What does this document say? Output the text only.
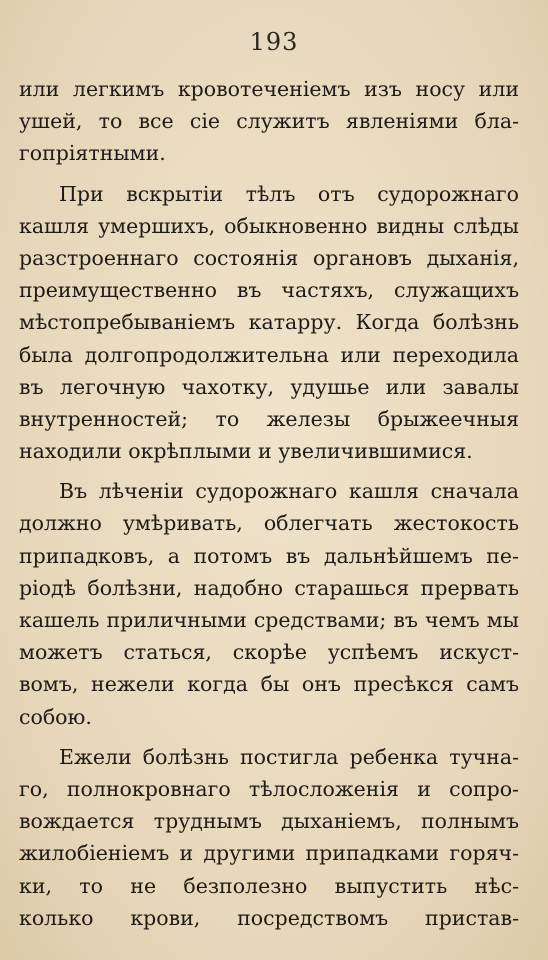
193
или легкимъ кровотеченіемъ изъ носу или
ушей, то все сіе служитъ явленіями бла-
гопріятными.
При вскрытіи тѣлъ отъ судорожнаго
кашля умершихъ, обыкновенно видны слѣды
разстроеннаго состоянія органовъ дыханія,
преимущественно въ частяхъ, служащихъ
мѣстопребываніемъ катарру. Когда болѣзнь
была долгопродолжительна или переходила
въ легочную чахотку, удушье или завалы
внутренностей; то железы брыжеечныя
находили окрѣплыми и увеличившимися.
Въ лѣченіи судорожнаго кашля сначала
должно умѣривать, облегчать жестокость
припадковъ, а потомъ въ дальнѣйшемъ пе-
ріодѣ болѣзни, надобно старашься прервать
кашель приличными средствами; въ чемъ мы
можетъ статься, скорѣе успѣемъ искуст-
вомъ, нежели когда бы онъ пресѣкся самъ
собою.
Ежели болѣзнь постигла ребенка тучна-
го, полнокровнаго тѣлосложенія и сопро-
вождается труднымъ дыханіемъ, полнымъ
жилобіеніемъ и другими припадками горяч-
ки, то не безполезно выпустить нѣс-
колько крови, посредствомъ пристав-
